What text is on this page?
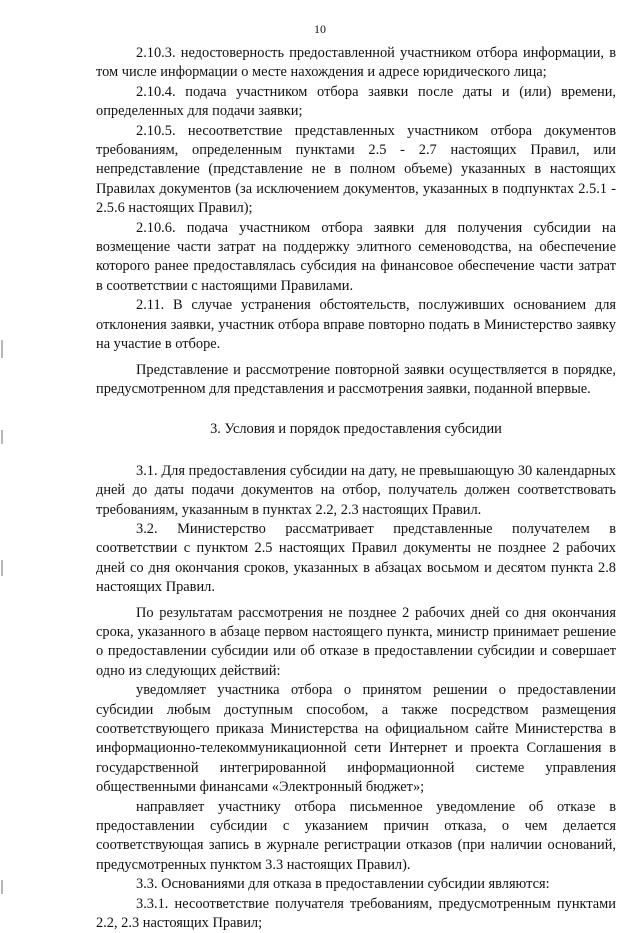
10

2.10.3. недостоверность предоставленной участником отбора информации, в том числе информации о месте нахождения и адресе юридического лица;

2.10.4. подача участником отбора заявки после даты и (или) времени, определенных для подачи заявки;

2.10.5. несоответствие представленных участником отбора документов требованиям, определенным пунктами 2.5 - 2.7 настоящих Правил, или непредставление (представление не в полном объеме) указанных в настоящих Правилах документов (за исключением документов, указанных в подпунктах 2.5.1 - 2.5.6 настоящих Правил);

2.10.6. подача участником отбора заявки для получения субсидии на возмещение части затрат на поддержку элитного семеноводства, на обеспечение которого ранее предоставлялась субсидия на финансовое обеспечение части затрат в соответствии с настоящими Правилами.

2.11. В случае устранения обстоятельств, послуживших основанием для отклонения заявки, участник отбора вправе повторно подать в Министерство заявку на участие в отборе.

Представление и рассмотрение повторной заявки осуществляется в порядке, предусмотренном для представления и рассмотрения заявки, поданной впервые.

3. Условия и порядок предоставления субсидии

3.1. Для предоставления субсидии на дату, не превышающую 30 календарных дней до даты подачи документов на отбор, получатель должен соответствовать требованиям, указанным в пунктах 2.2, 2.3 настоящих Правил.

3.2. Министерство рассматривает представленные получателем в соответствии с пунктом 2.5 настоящих Правил документы не позднее 2 рабочих дней со дня окончания сроков, указанных в абзацах восьмом и десятом пункта 2.8 настоящих Правил.

По результатам рассмотрения не позднее 2 рабочих дней со дня окончания срока, указанного в абзаце первом настоящего пункта, министр принимает решение о предоставлении субсидии или об отказе в предоставлении субсидии и совершает одно из следующих действий:

уведомляет участника отбора о принятом решении о предоставлении субсидии любым доступным способом, а также посредством размещения соответствующего приказа Министерства на официальном сайте Министерства в информационно-телекоммуникационной сети Интернет и проекта Соглашения в государственной интегрированной информационной системе управления общественными финансами «Электронный бюджет»;

направляет участнику отбора письменное уведомление об отказе в предоставлении субсидии с указанием причин отказа, о чем делается соответствующая запись в журнале регистрации отказов (при наличии оснований, предусмотренных пунктом 3.3 настоящих Правил).

3.3. Основаниями для отказа в предоставлении субсидии являются:

3.3.1. несоответствие получателя требованиям, предусмотренным пунктами 2.2, 2.3 настоящих Правил;
